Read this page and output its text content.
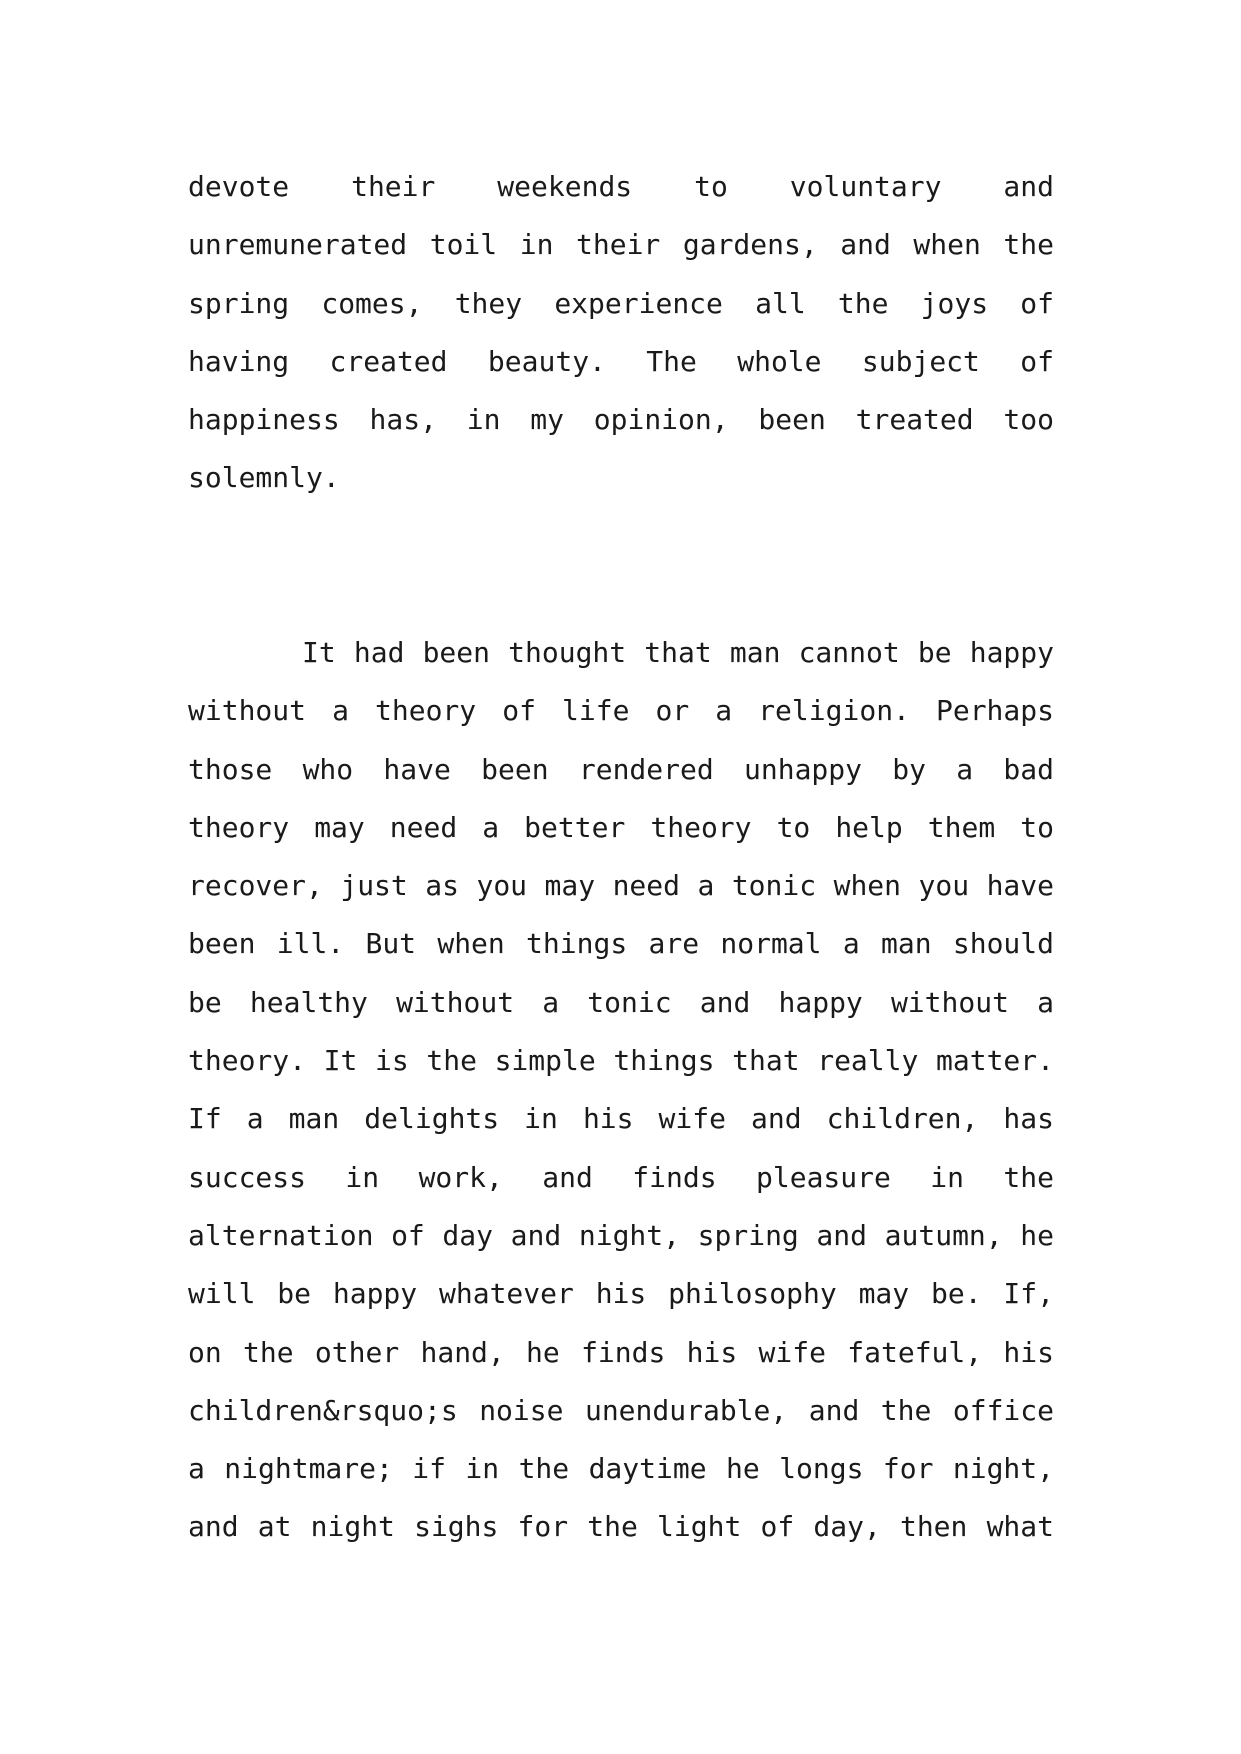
devote their weekends to voluntary and
unremunerated toil in their gardens, and when the
spring comes, they experience all the joys of
having created beauty. The whole subject of
happiness has, in my opinion, been treated too
solemnly.
It had been thought that man cannot be happy
without a theory of life or a religion. Perhaps
those who have been rendered unhappy by a bad
theory may need a better theory to help them to
recover, just as you may need a tonic when you have
been ill. But when things are normal a man should
be healthy without a tonic and happy without a
theory. It is the simple things that really matter.
If a man delights in his wife and children, has
success in work, and finds pleasure in the
alternation of day and night, spring and autumn, he
will be happy whatever his philosophy may be. If,
on the other hand, he finds his wife fateful, his
children&rsquo;s noise unendurable, and the office
a nightmare; if in the daytime he longs for night,
and at night sighs for the light of day, then what
